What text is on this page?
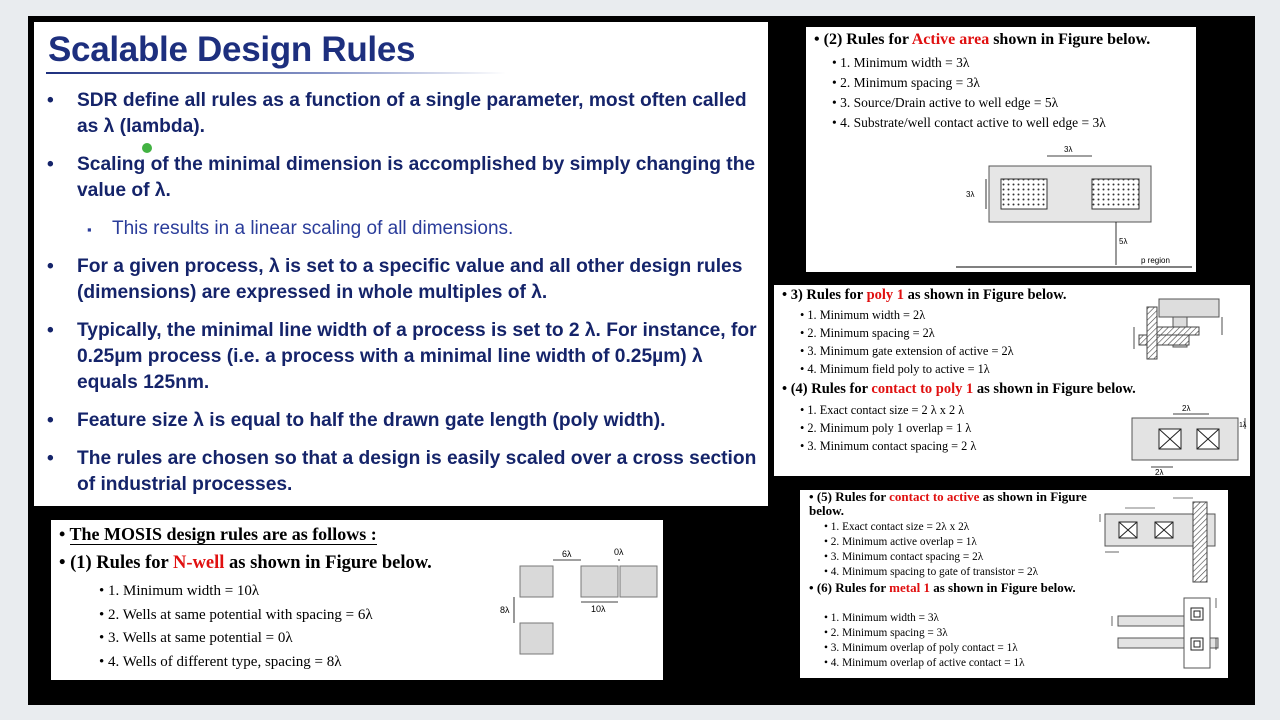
Scalable Design Rules
• SDR define all rules as a function of a single parameter, most often called as λ (lambda).
• Scaling of the minimal dimension is accomplished by simply changing the value of λ.
▪ This results in a linear scaling of all dimensions.
• For a given process, λ is set to a specific value and all other design rules (dimensions) are expressed in whole multiples of λ.
• Typically, the minimal line width of a process is set to 2 λ. For instance, for 0.25µm process (i.e. a process with a minimal line width of 0.25µm) λ equals 125nm.
• Feature size λ is equal to half the drawn gate length (poly width).
• The rules are chosen so that a design is easily scaled over a cross section of industrial processes.
• The MOSIS design rules are as follows :
• (1) Rules for N-well as shown in Figure below.
• 1. Minimum width = 10λ
• 2. Wells at same potential with spacing = 6λ
• 3. Wells at same potential = 0λ
• 4. Wells of different type, spacing = 8λ
6λ	0λ
10λ
8λ
• (2) Rules for Active area shown in Figure below.
• 1. Minimum width = 3λ
• 2. Minimum spacing = 3λ
• 3. Source/Drain active to well edge = 5λ
• 4. Substrate/well contact active to well edge = 3λ
3λ
3λ
5λ
p region
• 3) Rules for poly 1 as shown in Figure below.
• 1. Minimum width = 2λ
• 2. Minimum spacing = 2λ
• 3. Minimum gate extension of active = 2λ
• 4. Minimum field poly to active = 1λ
• (4) Rules for contact to poly 1 as shown in Figure below.
• 1. Exact contact size = 2 λ x 2 λ
• 2. Minimum poly 1 overlap = 1 λ
• 3. Minimum contact spacing = 2 λ
2λ
1λ
2λ
• (5) Rules for contact to active as shown in Figure below.
• 1. Exact contact size = 2λ x 2λ
• 2. Minimum active overlap = 1λ
• 3. Minimum contact spacing = 2λ
• 4. Minimum spacing to gate of transistor = 2λ
• (6) Rules for metal 1 as shown in Figure below.
• 1. Minimum width = 3λ
• 2. Minimum spacing = 3λ
• 3. Minimum overlap of poly contact = 1λ
• 4. Minimum overlap of active contact = 1λ
